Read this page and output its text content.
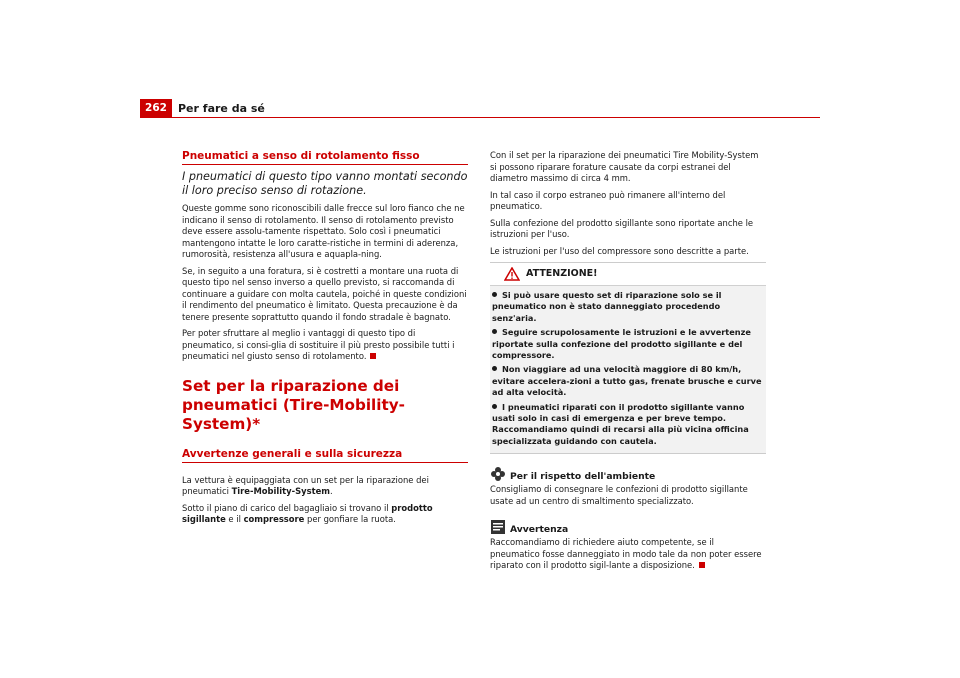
262	Per fare da sé
Pneumatici a senso di rotolamento fisso
I pneumatici di questo tipo vanno montati secondo il loro preciso senso di rotazione.

Queste gomme sono riconoscibili dalle frecce sul loro fianco che ne indicano il senso di rotolamento. Il senso di rotolamento previsto deve essere assolu-tamente rispettato. Solo così i pneumatici mantengono intatte le loro caratte-ristiche in termini di aderenza, rumorosità, resistenza all'usura e aquapla-ning.

Se, in seguito a una foratura, si è costretti a montare una ruota di questo tipo nel senso inverso a quello previsto, si raccomanda di continuare a guidare con molta cautela, poiché in queste condizioni il rendimento del pneumatico è limitato. Questa precauzione è da tenere presente soprattutto quando il fondo stradale è bagnato.

Per poter sfruttare al meglio i vantaggi di questo tipo di pneumatico, si consi-glia di sostituire il più presto possibile tutti i pneumatici nel giusto senso di rotolamento.

Set per la riparazione dei pneumatici (Tire-Mobility-System)*
Avvertenze generali e sulla sicurezza

La vettura è equipaggiata con un set per la riparazione dei pneumatici Tire-Mobility-System.

Sotto il piano di carico del bagagliaio si trovano il prodotto sigillante e il compressore per gonfiare la ruota.

Con il set per la riparazione dei pneumatici Tire Mobility-System si possono riparare forature causate da corpi estranei del diametro massimo di circa 4 mm.

In tal caso il corpo estraneo può rimanere all'interno del pneumatico.

Sulla confezione del prodotto sigillante sono riportate anche le istruzioni per l'uso.

Le istruzioni per l'uso del compressore sono descritte a parte.

ATTENZIONE!

Si può usare questo set di riparazione solo se il pneumatico non è stato danneggiato procedendo senz'aria.

Seguire scrupolosamente le istruzioni e le avvertenze riportate sulla confezione del prodotto sigillante e del compressore.

Non viaggiare ad una velocità maggiore di 80 km/h, evitare accelera-zioni a tutto gas, frenate brusche e curve ad alta velocità.

I pneumatici riparati con il prodotto sigillante vanno usati solo in casi di emergenza e per breve tempo. Raccomandiamo quindi di recarsi alla più vicina officina specializzata guidando con cautela.

Per il rispetto dell'ambiente

Consigliamo di consegnare le confezioni di prodotto sigillante usate ad un centro di smaltimento specializzato.

Avvertenza

Raccomandiamo di richiedere aiuto competente, se il pneumatico fosse danneggiato in modo tale da non poter essere riparato con il prodotto sigil-lante a disposizione.
